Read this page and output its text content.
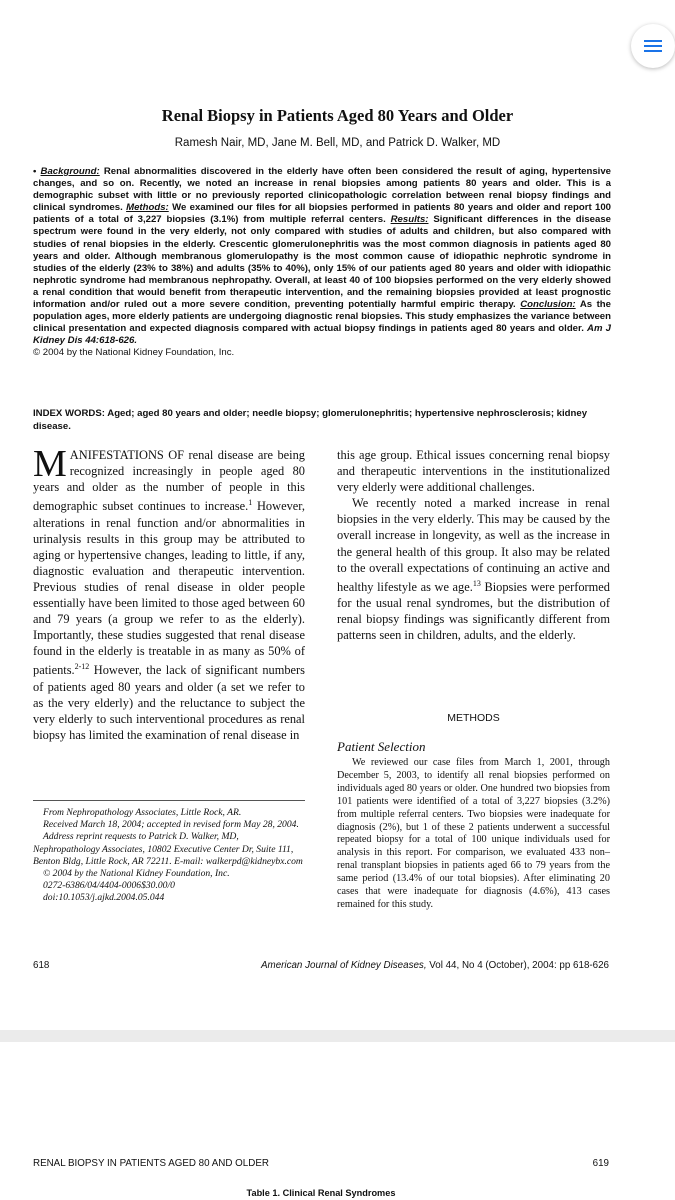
Renal Biopsy in Patients Aged 80 Years and Older
Ramesh Nair, MD, Jane M. Bell, MD, and Patrick D. Walker, MD

• Background: Renal abnormalities discovered in the elderly have often been considered the result of aging, hypertensive changes, and so on. Recently, we noted an increase in renal biopsies among patients 80 years and older. This is a demographic subset with little or no previously reported clinicopathologic correlation between renal biopsy findings and clinical syndromes. Methods: We examined our files for all biopsies performed in patients 80 years and older and report 100 patients of a total of 3,227 biopsies (3.1%) from multiple referral centers. Results: Significant differences in the disease spectrum were found in the very elderly, not only compared with studies of adults and children, but also compared with studies of renal biopsies in the elderly. Crescentic glomerulonephritis was the most common diagnosis in patients aged 80 years and older. Although membranous glomerulopathy is the most common cause of idiopathic nephrotic syndrome in studies of the elderly (23% to 38%) and adults (35% to 40%), only 15% of our patients aged 80 years and older with idiopathic nephrotic syndrome had membranous nephropathy. Overall, at least 40 of 100 biopsies performed on the very elderly showed a renal condition that would benefit from therapeutic intervention, and the remaining biopsies provided at least prognostic information and/or ruled out a more severe condition, preventing potentially harmful empiric therapy. Conclusion: As the population ages, more elderly patients are undergoing diagnostic renal biopsies. This study emphasizes the variance between clinical presentation and expected diagnosis compared with actual biopsy findings in patients aged 80 years and older. Am J Kidney Dis 44:618-626.
© 2004 by the National Kidney Foundation, Inc.

INDEX WORDS: Aged; aged 80 years and older; needle biopsy; glomerulonephritis; hypertensive nephrosclerosis; kidney disease.

MANIFESTATIONS OF renal disease are being recognized increasingly in people aged 80 years and older as the number of people in this demographic subset continues to increase.$^1$ However, alterations in renal function and/or abnormalities in urinalysis results in this group may be attributed to aging or hypertensive changes, leading to little, if any, diagnostic evaluation and therapeutic intervention. Previous studies of renal disease in older people essentially have been limited to those aged between 60 and 79 years (a group we refer to as the elderly). Importantly, these studies suggested that renal disease found in the elderly is treatable in as many as 50% of patients.$^{2-12}$ However, the lack of significant numbers of patients aged 80 years and older (a set we refer to as the very elderly) and the reluctance to subject the very elderly to such interventional procedures as renal biopsy has limited the examination of renal disease in

this age group. Ethical issues concerning renal biopsy and therapeutic interventions in the institutionalized very elderly were additional challenges.

We recently noted a marked increase in renal biopsies in the very elderly. This may be caused by the overall increase in longevity, as well as the increase in the general health of this group. It also may be related to the overall expectations of continuing an active and healthy lifestyle as we age.$^{13}$ Biopsies were performed for the usual renal syndromes, but the distribution of renal biopsy findings was significantly different from patterns seen in children, adults, and the elderly.

METHODS
Patient Selection

We reviewed our case files from March 1, 2001, through December 5, 2003, to identify all renal biopsies performed on individuals aged 80 years or older. One hundred two biopsies from 101 patients were identified of a total of 3,227 biopsies (3.2%) from multiple referral centers. Two biopsies were inadequate for diagnosis (2%), but 1 of these 2 patients underwent a successful repeated biopsy for a total of 100 unique individuals used for analysis in this report. For comparison, we evaluated 433 non–renal transplant biopsies in patients aged 66 to 79 years from the same period (13.4% of our total biopsies). After eliminating 20 cases that were inadequate for diagnosis (4.6%), 413 cases remained for this study.

From Nephropathology Associates, Little Rock, AR.

Received March 18, 2004; accepted in revised form May 28, 2004.

Address reprint requests to Patrick D. Walker, MD, Nephropathology Associates, 10802 Executive Center Dr, Suite 111, Benton Bldg, Little Rock, AR 72211. E-mail: walkerpd@kidneybx.com

© 2004 by the National Kidney Foundation, Inc.

0272-6386/04/4404-0006$30.00/0

doi:10.1053/j.ajkd.2004.05.044

618	American Journal of Kidney Diseases, Vol 44, No 4 (October), 2004: pp 618-626
RENAL BIOPSY IN PATIENTS AGED 80 AND OLDER	619
Table 1. Clinical Renal Syndromes
